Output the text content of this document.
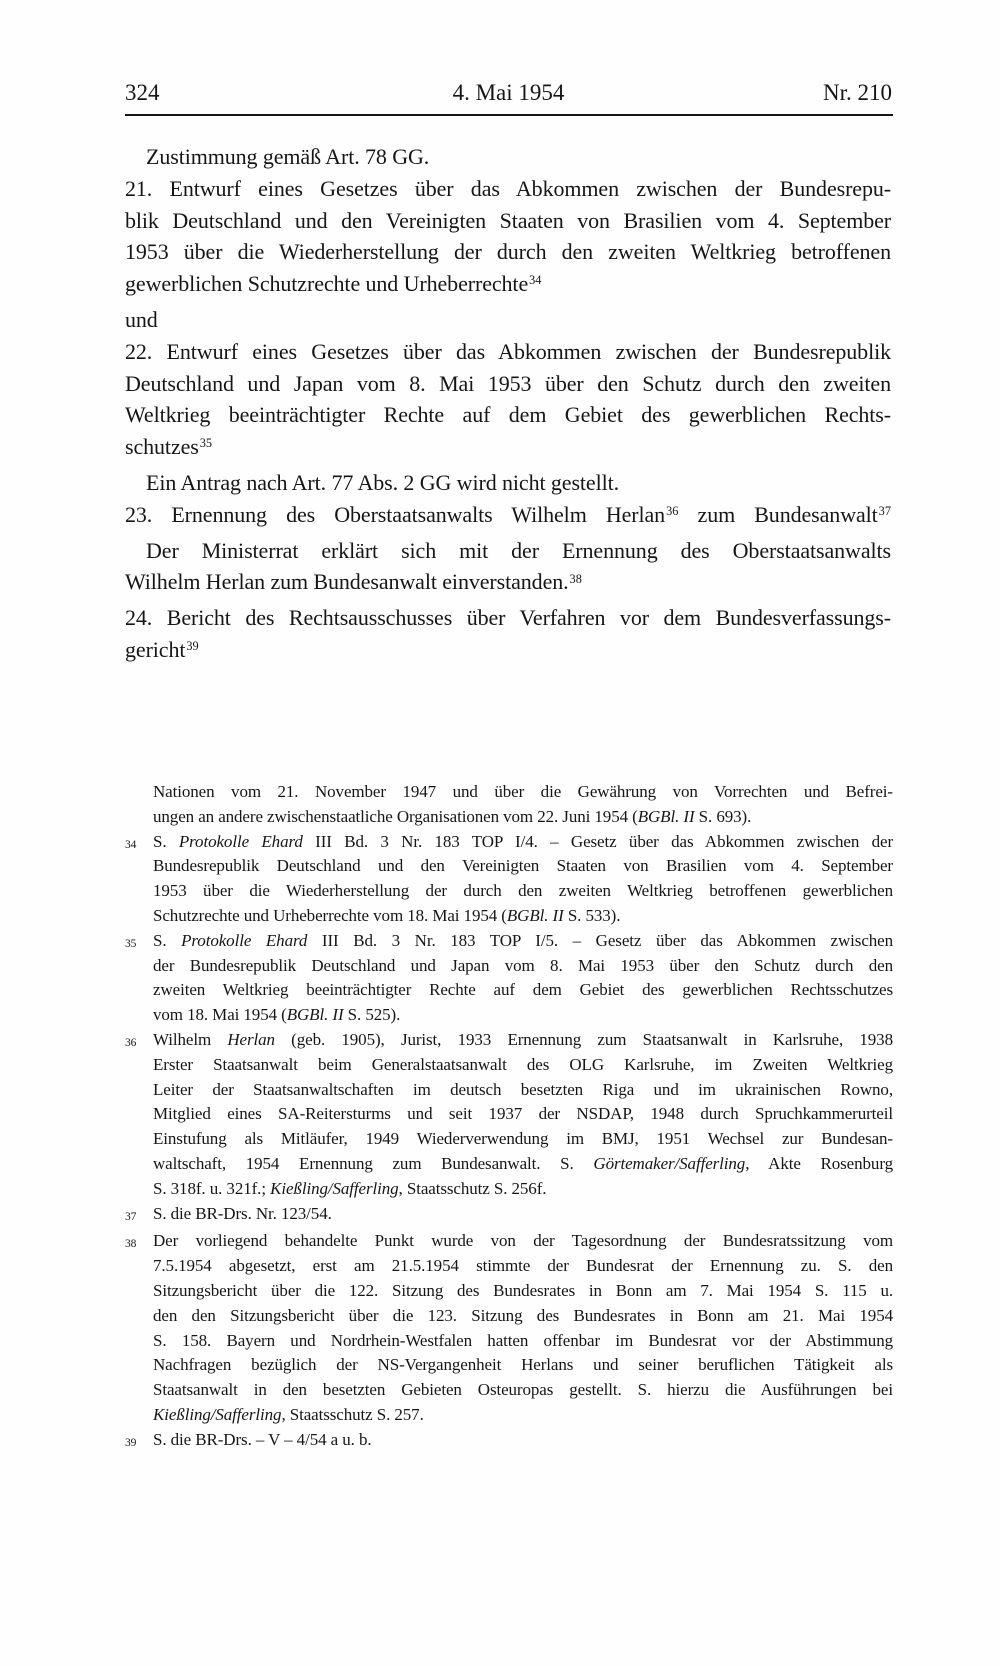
324	4. Mai 1954	Nr. 210
Zustimmung gemäß Art. 78 GG.
21. Entwurf eines Gesetzes über das Abkommen zwischen der Bundesrepu-
blik Deutschland und den Vereinigten Staaten von Brasilien vom 4. September
1953 über die Wiederherstellung der durch den zweiten Weltkrieg betroffenen
gewerblichen Schutzrechte und Urheberrechte$^{34}$
und
22. Entwurf eines Gesetzes über das Abkommen zwischen der Bundesrepublik
Deutschland und Japan vom 8. Mai 1953 über den Schutz durch den zweiten
Weltkrieg beeinträchtigter Rechte auf dem Gebiet des gewerblichen Rechts-
schutzes$^{35}$
Ein Antrag nach Art. 77 Abs. 2 GG wird nicht gestellt.
23. Ernennung des Oberstaatsanwalts Wilhelm Herlan$^{36}$ zum Bundesanwalt$^{37}$
Der Ministerrat erklärt sich mit der Ernennung des Oberstaatsanwalts
Wilhelm Herlan zum Bundesanwalt einverstanden.$^{38}$
24. Bericht des Rechtsausschusses über Verfahren vor dem Bundesverfassungs-
gericht$^{39}$
Nationen vom 21. November 1947 und über die Gewährung von Vorrechten und Befrei-
ungen an andere zwischenstaatliche Organisationen vom 22. Juni 1954 (BGBl. II S. 693).
34 S. Protokolle Ehard III Bd. 3 Nr. 183 TOP I/4. – Gesetz über das Abkommen zwischen der
Bundesrepublik Deutschland und den Vereinigten Staaten von Brasilien vom 4. September
1953 über die Wiederherstellung der durch den zweiten Weltkrieg betroffenen gewerblichen
Schutzrechte und Urheberrechte vom 18. Mai 1954 (BGBl. II S. 533).
35 S. Protokolle Ehard III Bd. 3 Nr. 183 TOP I/5. – Gesetz über das Abkommen zwischen
der Bundesrepublik Deutschland und Japan vom 8. Mai 1953 über den Schutz durch den
zweiten Weltkrieg beeinträchtigter Rechte auf dem Gebiet des gewerblichen Rechtsschutzes
vom 18. Mai 1954 (BGBl. II S. 525).
36 Wilhelm Herlan (geb. 1905), Jurist, 1933 Ernennung zum Staatsanwalt in Karlsruhe, 1938
Erster Staatsanwalt beim Generalstaatsanwalt des OLG Karlsruhe, im Zweiten Weltkrieg
Leiter der Staatsanwaltschaften im deutsch besetzten Riga und im ukrainischen Rowno,
Mitglied eines SA-Reitersturms und seit 1937 der NSDAP, 1948 durch Spruchkammerurteil
Einstufung als Mitläufer, 1949 Wiederverwendung im BMJ, 1951 Wechsel zur Bundesan-
waltschaft, 1954 Ernennung zum Bundesanwalt. S. Görtemaker/Safferling, Akte Rosenburg
S. 318f. u. 321f.; Kießling/Safferling, Staatsschutz S. 256f.
37 S. die BR-Drs. Nr. 123/54.
38 Der vorliegend behandelte Punkt wurde von der Tagesordnung der Bundesratssitzung vom
7.5.1954 abgesetzt, erst am 21.5.1954 stimmte der Bundesrat der Ernennung zu. S. den
Sitzungsbericht über die 122. Sitzung des Bundesrates in Bonn am 7. Mai 1954 S. 115 u.
den den Sitzungsbericht über die 123. Sitzung des Bundesrates in Bonn am 21. Mai 1954
S. 158. Bayern und Nordrhein-Westfalen hatten offenbar im Bundesrat vor der Abstimmung
Nachfragen bezüglich der NS-Vergangenheit Herlans und seiner beruflichen Tätigkeit als
Staatsanwalt in den besetzten Gebieten Osteuropas gestellt. S. hierzu die Ausführungen bei
Kießling/Safferling, Staatsschutz S. 257.
39 S. die BR-Drs. – V – 4/54 a u. b.
